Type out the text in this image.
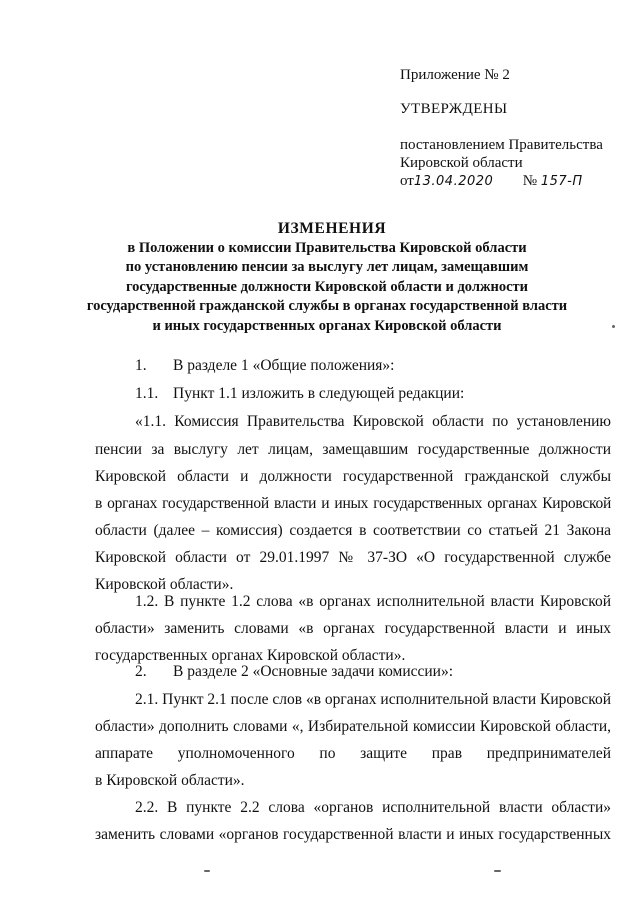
Приложение № 2
УТВЕРЖДЕНЫ
постановлением Правительства
Кировской области
от13.04.2020 № 157-П
ИЗМЕНЕНИЯ
в Положении о комиссии Правительства Кировской области
по установлению пенсии за выслугу лет лицам, замещавшим
государственные должности Кировской области и должности
государственной гражданской службы в органах государственной власти
и иных государственных органах Кировской области
1. В разделе 1 «Общие положения»:
1.1. Пункт 1.1 изложить в следующей редакции:
«1.1. Комиссия Правительства Кировской области по установлению
пенсии за выслугу лет лицам, замещавшим государственные должности
Кировской области и должности государственной гражданской службы
в органах государственной власти и иных государственных органах Кировской
области (далее – комиссия) создается в соответствии со статьей 21 Закона
Кировской области от 29.01.1997 № 37-ЗО «О государственной службе
Кировской области».
1.2. В пункте 1.2 слова «в органах исполнительной власти Кировской
области» заменить словами «в органах государственной власти и иных
государственных органах Кировской области».
2. В разделе 2 «Основные задачи комиссии»:
2.1. Пункт 2.1 после слов «в органах исполнительной власти Кировской
области» дополнить словами «, Избирательной комиссии Кировской области,
аппарате уполномоченного по защите прав предпринимателей
в Кировской области».
2.2. В пункте 2.2 слова «органов исполнительной власти области»
заменить словами «органов государственной власти и иных государственных
